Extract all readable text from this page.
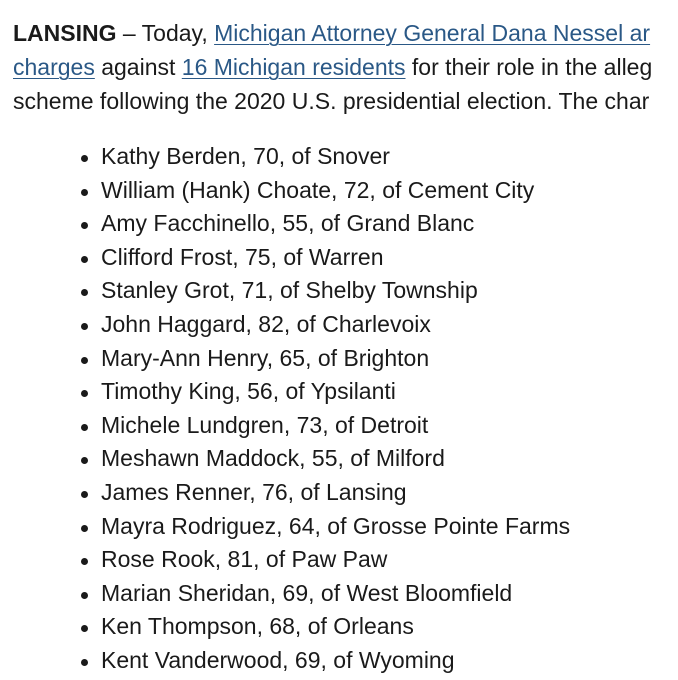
LANSING – Today, Michigan Attorney General Dana Nessel ar
charges against 16 Michigan residents for their role in the alleg
scheme following the 2020 U.S. presidential election. The char

Kathy Berden, 70, of Snover
William (Hank) Choate, 72, of Cement City
Amy Facchinello, 55, of Grand Blanc
Clifford Frost, 75, of Warren
Stanley Grot, 71, of Shelby Township
John Haggard, 82, of Charlevoix
Mary-Ann Henry, 65, of Brighton
Timothy King, 56, of Ypsilanti
Michele Lundgren, 73, of Detroit
Meshawn Maddock, 55, of Milford
James Renner, 76, of Lansing
Mayra Rodriguez, 64, of Grosse Pointe Farms
Rose Rook, 81, of Paw Paw
Marian Sheridan, 69, of West Bloomfield
Ken Thompson, 68, of Orleans
Kent Vanderwood, 69, of Wyoming
